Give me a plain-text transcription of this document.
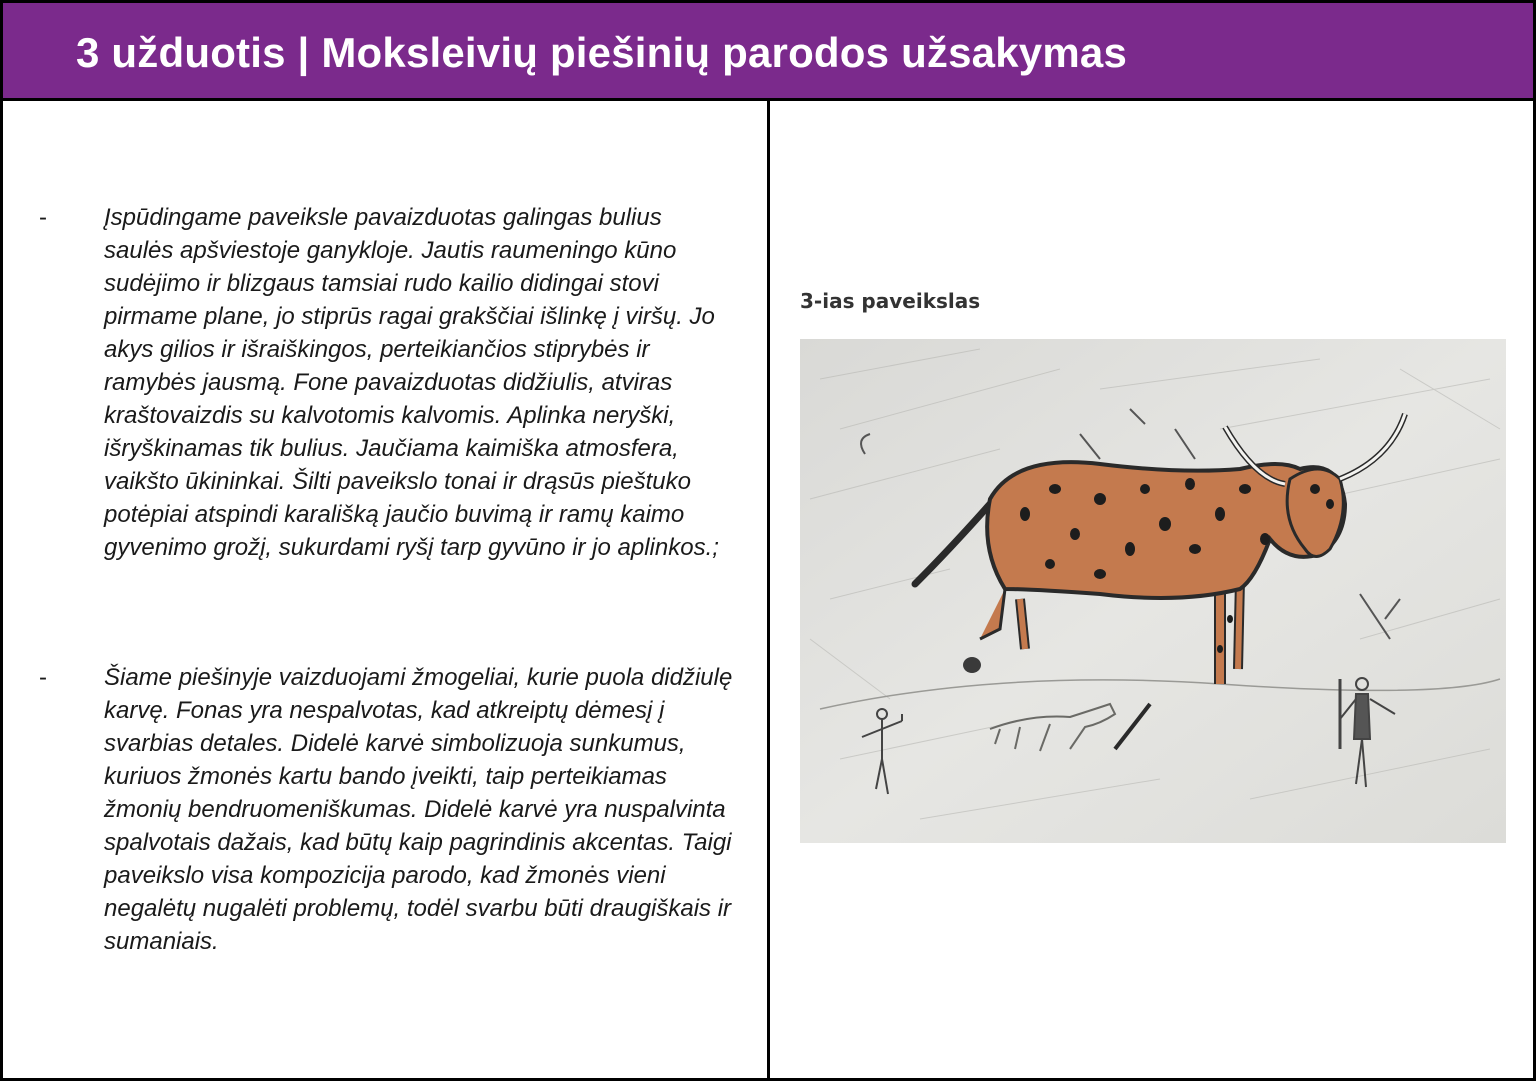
3 užduotis | Moksleivių piešinių parodos užsakymas
- Įspūdingame paveiksle pavaizduotas galingas bulius saulės apšviestoje ganykloje. Jautis raumeningo kūno sudėjimo ir blizgaus tamsiai rudo kailio didingai stovi pirmame plane, jo stiprūs ragai grakščiai išlinkę į viršų. Jo akys gilios ir išraiškingos, perteikiančios stiprybės ir ramybės jausmą. Fone pavaizduotas didžiulis, atviras kraštovaizdis su kalvotomis kalvomis. Aplinka neryški, išryškinamas tik bulius. Jaučiama kaimiška atmosfera, vaikšto ūkininkai. Šilti paveikslo tonai ir drąsūs pieštuko potėpiai atspindi karališką jaučio buvimą ir ramų kaimo gyvenimo grožį, sukurdami ryšį tarp gyvūno ir jo aplinkos.;
- Šiame piešinyje vaizduojami žmogeliai, kurie puola didžiulę karvę. Fonas yra nespalvotas, kad atkreiptų dėmesį į svarbias detales. Didelė karvė simbolizuoja sunkumus, kuriuos žmonės kartu bando įveikti, taip perteikiamas žmonių bendruomeniškumas. Didelė karvė yra nuspalvinta spalvotais dažais, kad būtų kaip pagrindinis akcentas. Taigi paveikslo visa kompozicija parodo, kad žmonės vieni negalėtų nugalėti problemų, todėl svarbu būti draugiškais ir sumaniais.
3-ias paveikslas
